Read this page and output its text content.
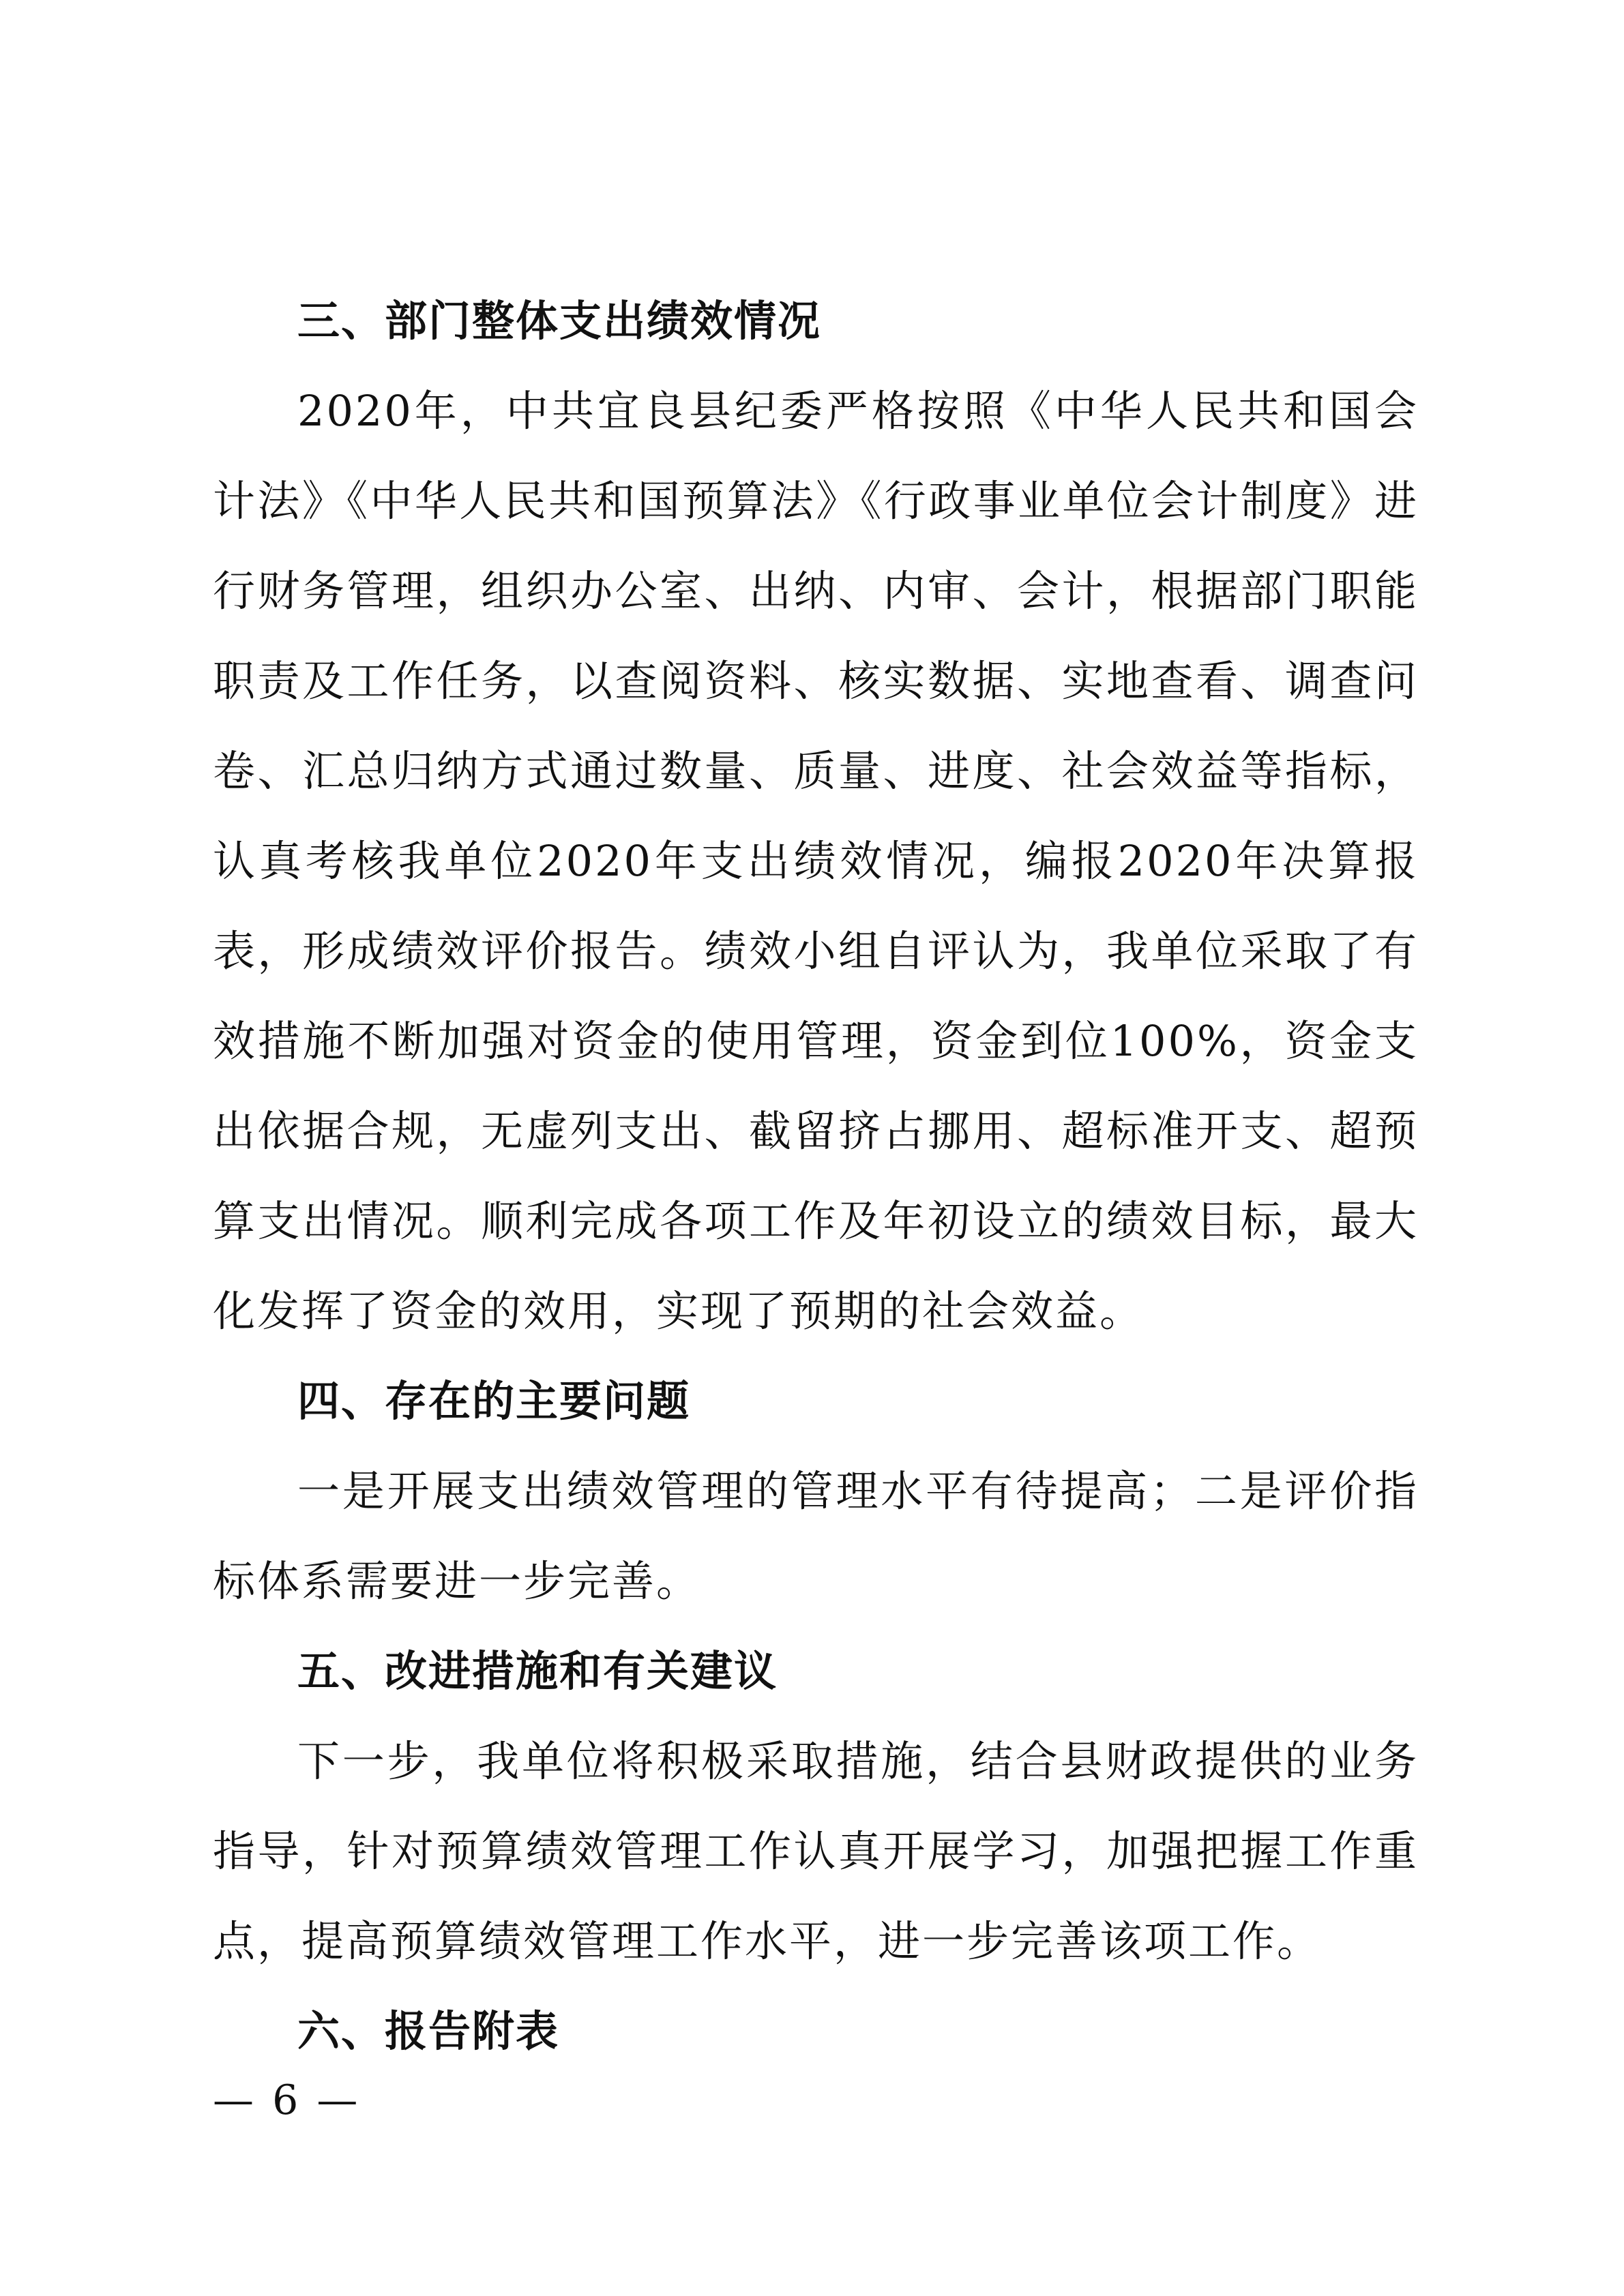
三、部门整体支出绩效情况

2020年，中共宜良县纪委严格按照《中华人民共和国会计法》《中华人民共和国预算法》《行政事业单位会计制度》进行财务管理，组织办公室、出纳、内审、会计，根据部门职能职责及工作任务，以查阅资料、核实数据、实地查看、调查问卷、汇总归纳方式通过数量、质量、进度、社会效益等指标，认真考核我单位2020年支出绩效情况，编报2020年决算报表，形成绩效评价报告。绩效小组自评认为，我单位采取了有效措施不断加强对资金的使用管理，资金到位100%，资金支出依据合规，无虚列支出、截留挤占挪用、超标准开支、超预算支出情况。顺利完成各项工作及年初设立的绩效目标，最大化发挥了资金的效用，实现了预期的社会效益。

四、存在的主要问题

一是开展支出绩效管理的管理水平有待提高；二是评价指标体系需要进一步完善。

五、改进措施和有关建议

下一步，我单位将积极采取措施，结合县财政提供的业务指导，针对预算绩效管理工作认真开展学习，加强把握工作重点，提高预算绩效管理工作水平，进一步完善该项工作。

六、报告附表
— 6 —
